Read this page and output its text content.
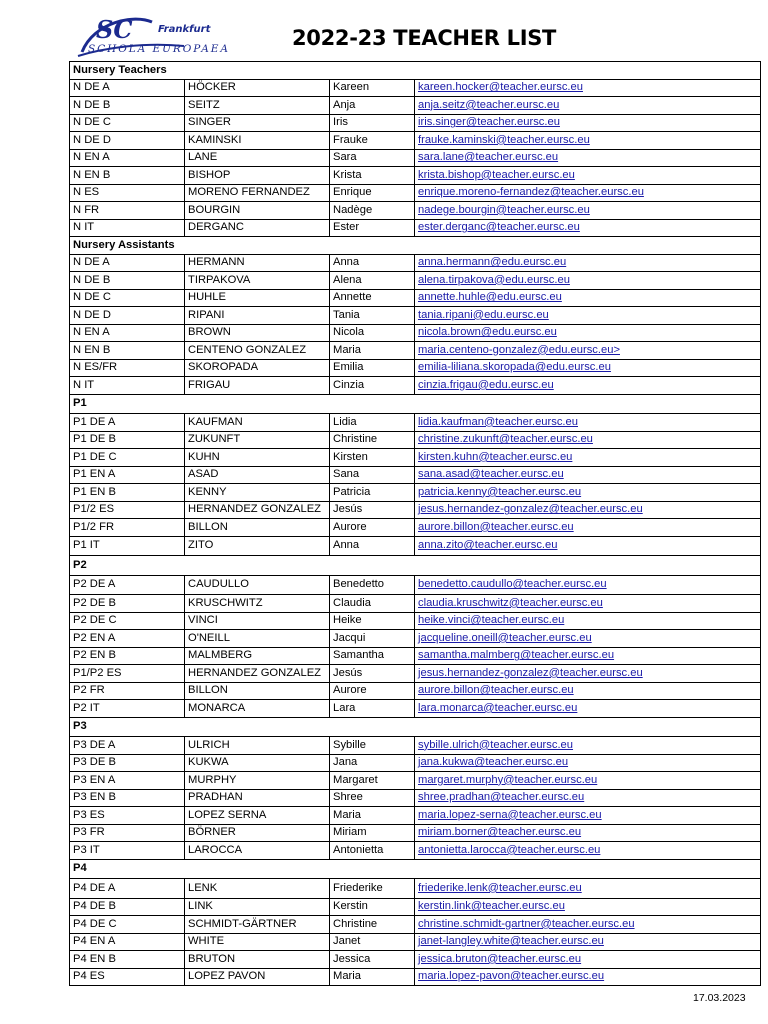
SC	Frankfurt
SCHOLA EUROPAEA	2022-23 TEACHER LIST
Nursery Teachers			
N DE A	HÖCKER	Kareen	kareen.hocker@teacher.eursc.eu
N DE B	SEITZ	Anja	anja.seitz@teacher.eursc.eu
N DE C	SINGER	Iris	iris.singer@teacher.eursc.eu
N DE D	KAMINSKI	Frauke	frauke.kaminski@teacher.eursc.eu
N EN A	LANE	Sara	sara.lane@teacher.eursc.eu
N EN B	BISHOP	Krista	krista.bishop@teacher.eursc.eu
N ES	MORENO FERNANDEZ	Enrique	enrique.moreno-fernandez@teacher.eursc.eu
N FR	BOURGIN	Nadège	nadege.bourgin@teacher.eursc.eu
N IT	DERGANC	Ester	ester.derganc@teacher.eursc.eu
Nursery Assistants			
N DE A	HERMANN	Anna	anna.hermann@edu.eursc.eu
N DE B	TIRPAKOVA	Alena	alena.tirpakova@edu.eursc.eu
N DE C	HUHLE	Annette	annette.huhle@edu.eursc.eu
N DE D	RIPANI	Tania	tania.ripani@edu.eursc.eu
N EN A	BROWN	Nicola	nicola.brown@edu.eursc.eu
N EN B	CENTENO GONZALEZ	Maria	maria.centeno-gonzalez@edu.eursc.eu>
N ES/FR	SKOROPADA	Emilia	emilia-liliana.skoropada@edu.eursc.eu
N IT	FRIGAU	Cinzia	cinzia.frigau@edu.eursc.eu
P1			
P1 DE A	KAUFMAN	Lidia	lidia.kaufman@teacher.eursc.eu
P1 DE B	ZUKUNFT	Christine	christine.zukunft@teacher.eursc.eu
P1 DE C	KUHN	Kirsten	kirsten.kuhn@teacher.eursc.eu
P1 EN A	ASAD	Sana	sana.asad@teacher.eursc.eu
P1 EN B	KENNY	Patricia	patricia.kenny@teacher.eursc.eu
P1/2 ES	HERNANDEZ GONZALEZ	Jesús	jesus.hernandez-gonzalez@teacher.eursc.eu
P1/2 FR	BILLON	Aurore	aurore.billon@teacher.eursc.eu
P1 IT	ZITO	Anna	anna.zito@teacher.eursc.eu
P2			
P2 DE A	CAUDULLO	Benedetto	benedetto.caudullo@teacher.eursc.eu
P2 DE B	KRUSCHWITZ	Claudia	claudia.kruschwitz@teacher.eursc.eu
P2 DE C	VINCI	Heike	heike.vinci@teacher.eursc.eu
P2 EN A	O'NEILL	Jacqui	jacqueline.oneill@teacher.eursc.eu
P2 EN B	MALMBERG	Samantha	samantha.malmberg@teacher.eursc.eu
P1/P2 ES	HERNANDEZ GONZALEZ	Jesús	jesus.hernandez-gonzalez@teacher.eursc.eu
P2 FR	BILLON	Aurore	aurore.billon@teacher.eursc.eu
P2 IT	MONARCA	Lara	lara.monarca@teacher.eursc.eu
P3			
P3 DE A	ULRICH	Sybille	sybille.ulrich@teacher.eursc.eu
P3 DE B	KUKWA	Jana	jana.kukwa@teacher.eursc.eu
P3 EN A	MURPHY	Margaret	margaret.murphy@teacher.eursc.eu
P3 EN B	PRADHAN	Shree	shree.pradhan@teacher.eursc.eu
P3 ES	LOPEZ SERNA	Maria	maria.lopez-serna@teacher.eursc.eu
P3 FR	BÖRNER	Miriam	miriam.borner@teacher.eursc.eu
P3 IT	LAROCCA	Antonietta	antonietta.larocca@teacher.eursc.eu
P4			
P4 DE A	LENK	Friederike	friederike.lenk@teacher.eursc.eu
P4 DE B	LINK	Kerstin	kerstin.link@teacher.eursc.eu
P4 DE C	SCHMIDT-GÄRTNER	Christine	christine.schmidt-gartner@teacher.eursc.eu
P4 EN A	WHITE	Janet	janet-langley.white@teacher.eursc.eu
P4 EN B	BRUTON	Jessica	jessica.bruton@teacher.eursc.eu
P4 ES	LOPEZ PAVON	Maria	maria.lopez-pavon@teacher.eursc.eu
17.03.2023
